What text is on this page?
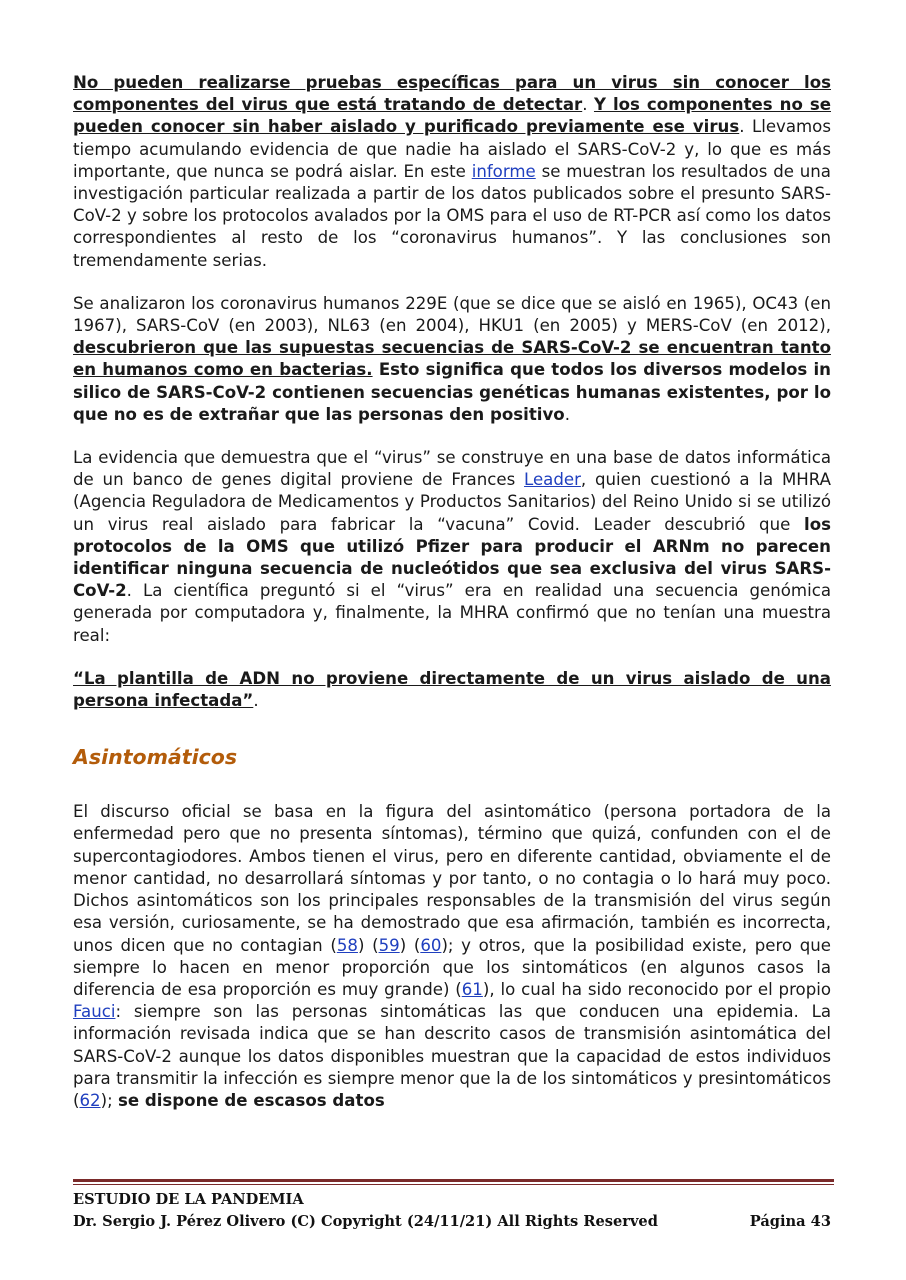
No pueden realizarse pruebas específicas para un virus sin conocer los componentes del virus que está tratando de detectar. Y los componentes no se pueden conocer sin haber aislado y purificado previamente ese virus. Llevamos tiempo acumulando evidencia de que nadie ha aislado el SARS-CoV-2 y, lo que es más importante, que nunca se podrá aislar. En este informe se muestran los resultados de una investigación particular realizada a partir de los datos publicados sobre el presunto SARS-CoV-2 y sobre los protocolos avalados por la OMS para el uso de RT-PCR así como los datos correspondientes al resto de los “coronavirus humanos”. Y las conclusiones son tremendamente serias.

Se analizaron los coronavirus humanos 229E (que se dice que se aisló en 1965), OC43 (en 1967), SARS-CoV (en 2003), NL63 (en 2004), HKU1 (en 2005) y MERS-CoV (en 2012), descubrieron que las supuestas secuencias de SARS-CoV-2 se encuentran tanto en humanos como en bacterias. Esto significa que todos los diversos modelos in silico de SARS-CoV-2 contienen secuencias genéticas humanas existentes, por lo que no es de extrañar que las personas den positivo.

La evidencia que demuestra que el “virus” se construye en una base de datos informática de un banco de genes digital proviene de Frances Leader, quien cuestionó a la MHRA (Agencia Reguladora de Medicamentos y Productos Sanitarios) del Reino Unido si se utilizó un virus real aislado para fabricar la “vacuna” Covid. Leader descubrió que los protocolos de la OMS que utilizó Pfizer para producir el ARNm no parecen identificar ninguna secuencia de nucleótidos que sea exclusiva del virus SARS-CoV-2. La científica preguntó si el “virus” era en realidad una secuencia genómica generada por computadora y, finalmente, la MHRA confirmó que no tenían una muestra real:

“La plantilla de ADN no proviene directamente de un virus aislado de una persona infectada”.

Asintomáticos

El discurso oficial se basa en la figura del asintomático (persona portadora de la enfermedad pero que no presenta síntomas), término que quizá, confunden con el de supercontagiodores. Ambos tienen el virus, pero en diferente cantidad, obviamente el de menor cantidad, no desarrollará síntomas y por tanto, o no contagia o lo hará muy poco. Dichos asintomáticos son los principales responsables de la transmisión del virus según esa versión, curiosamente, se ha demostrado que esa afirmación, también es incorrecta, unos dicen que no contagian (58) (59) (60); y otros, que la posibilidad existe, pero que siempre lo hacen en menor proporción que los sintomáticos (en algunos casos la diferencia de esa proporción es muy grande) (61), lo cual ha sido reconocido por el propio Fauci: siempre son las personas sintomáticas las que conducen una epidemia. La información revisada indica que se han descrito casos de transmisión asintomática del SARS-CoV-2 aunque los datos disponibles muestran que la capacidad de estos individuos para transmitir la infección es siempre menor que la de los sintomáticos y presintomáticos (62); se dispone de escasos datos

ESTUDIO DE LA PANDEMIA
Dr. Sergio J. Pérez Olivero (C) Copyright (24/11/21) All Rights Reserved	Página 43
